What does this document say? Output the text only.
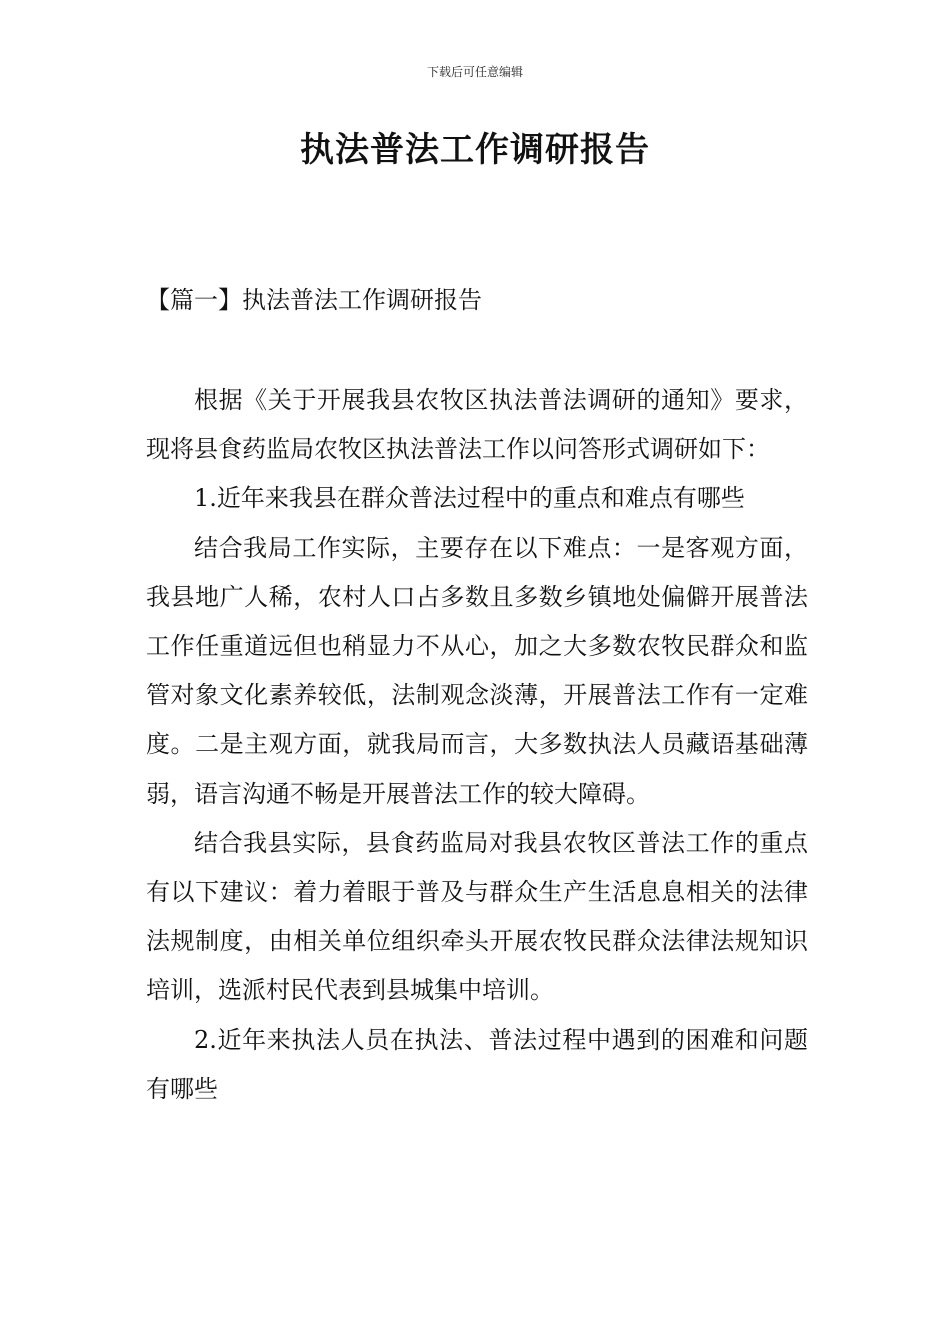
下载后可任意编辑
执法普法工作调研报告
【篇一】执法普法工作调研报告

根据《关于开展我县农牧区执法普法调研的通知》要求，现将县食药监局农牧区执法普法工作以问答形式调研如下：

1.近年来我县在群众普法过程中的重点和难点有哪些

结合我局工作实际，主要存在以下难点：一是客观方面，我县地广人稀，农村人口占多数且多数乡镇地处偏僻开展普法工作任重道远但也稍显力不从心，加之大多数农牧民群众和监管对象文化素养较低，法制观念淡薄，开展普法工作有一定难度。二是主观方面，就我局而言，大多数执法人员藏语基础薄弱，语言沟通不畅是开展普法工作的较大障碍。

结合我县实际，县食药监局对我县农牧区普法工作的重点有以下建议：着力着眼于普及与群众生产生活息息相关的法律法规制度，由相关单位组织牵头开展农牧民群众法律法规知识培训，选派村民代表到县城集中培训。

2.近年来执法人员在执法、普法过程中遇到的困难和问题有哪些
